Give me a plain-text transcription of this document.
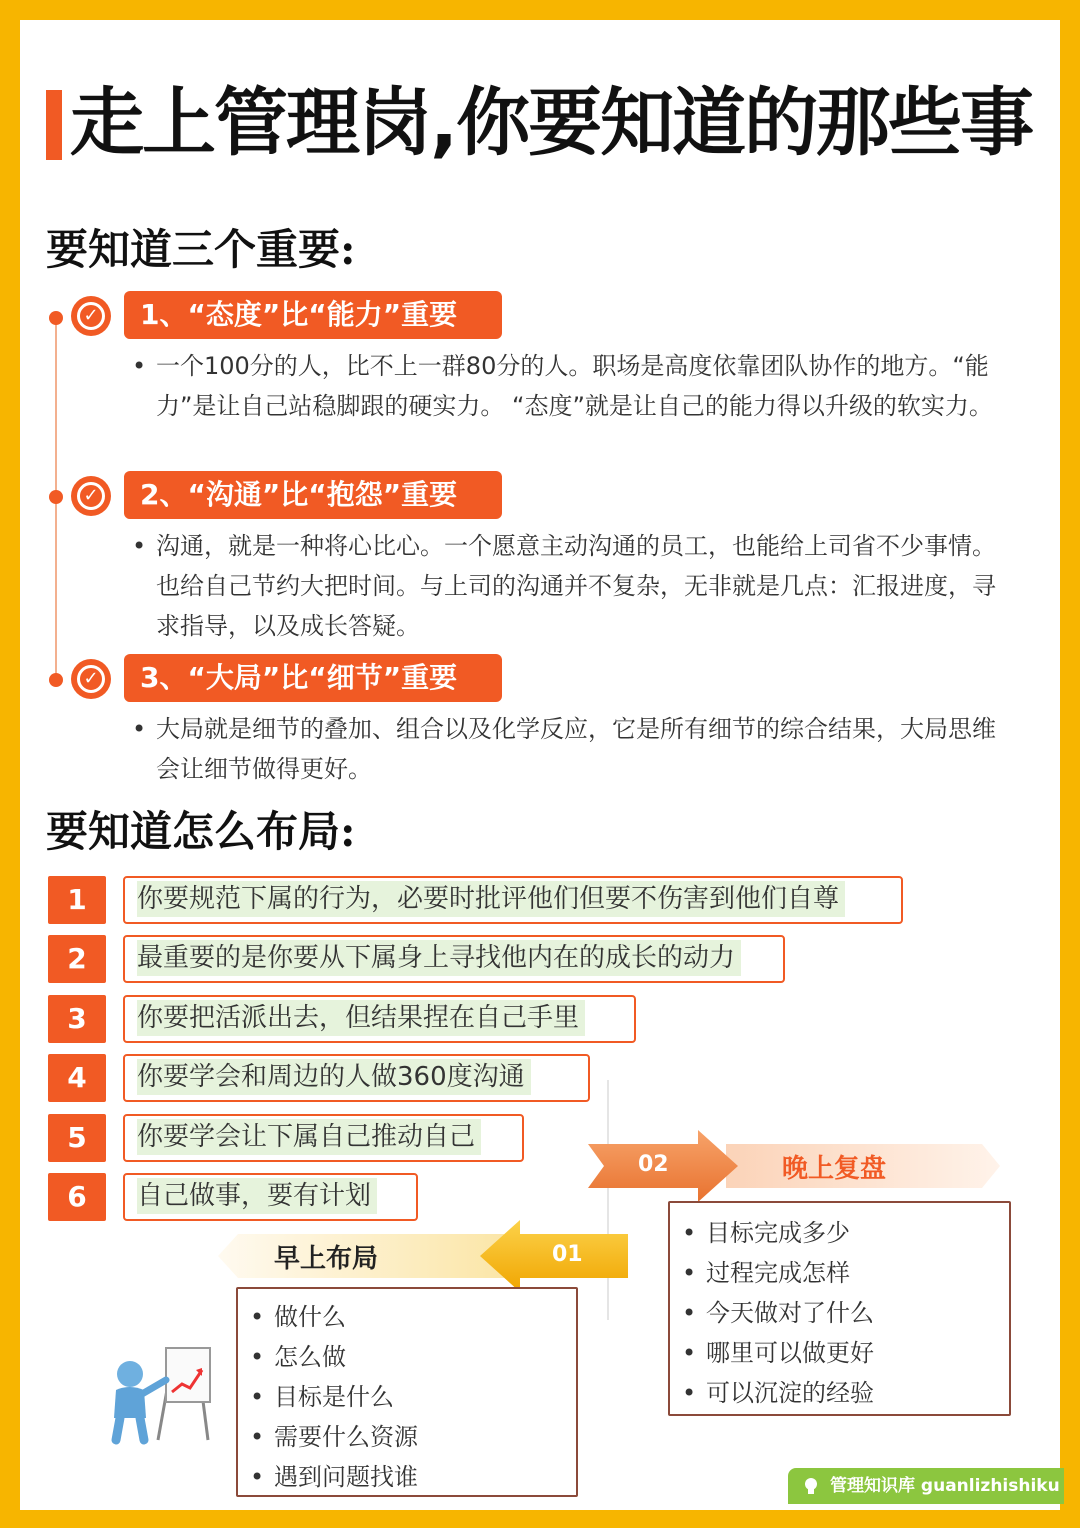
走上管理岗,你要知道的那些事
要知道三个重要:
✓	1、“态度”比“能力”重要
• 一个100分的人，比不上一群80分的人。职场是高度依靠团队协作的地方。“能力”是让自己站稳脚跟的硬实力。 “态度”就是让自己的能力得以升级的软实力。
✓	2、“沟通”比“抱怨”重要
• 沟通，就是一种将心比心。一个愿意主动沟通的员工，也能给上司省不少事情。也给自己节约大把时间。与上司的沟通并不复杂，无非就是几点：汇报进度，寻求指导，以及成长答疑。
✓	3、“大局”比“细节”重要
• 大局就是细节的叠加、组合以及化学反应，它是所有细节的综合结果，大局思维会让细节做得更好。
要知道怎么布局:
1	你要规范下属的行为，必要时批评他们但要不伤害到他们自尊
2	最重要的是你要从下属身上寻找他内在的成长的动力
3	你要把活派出去，但结果捏在自己手里
4	你要学会和周边的人做360度沟通
5	你要学会让下属自己推动自己
6	自己做事，要有计划
02	晚上复盘
• 目标完成多少
• 过程完成怎样
• 今天做对了什么
• 哪里可以做更好
• 可以沉淀的经验
01
早上布局
• 做什么
• 怎么做
• 目标是什么
• 需要什么资源
• 遇到问题找谁	管理知识库 guanlizhishiku
